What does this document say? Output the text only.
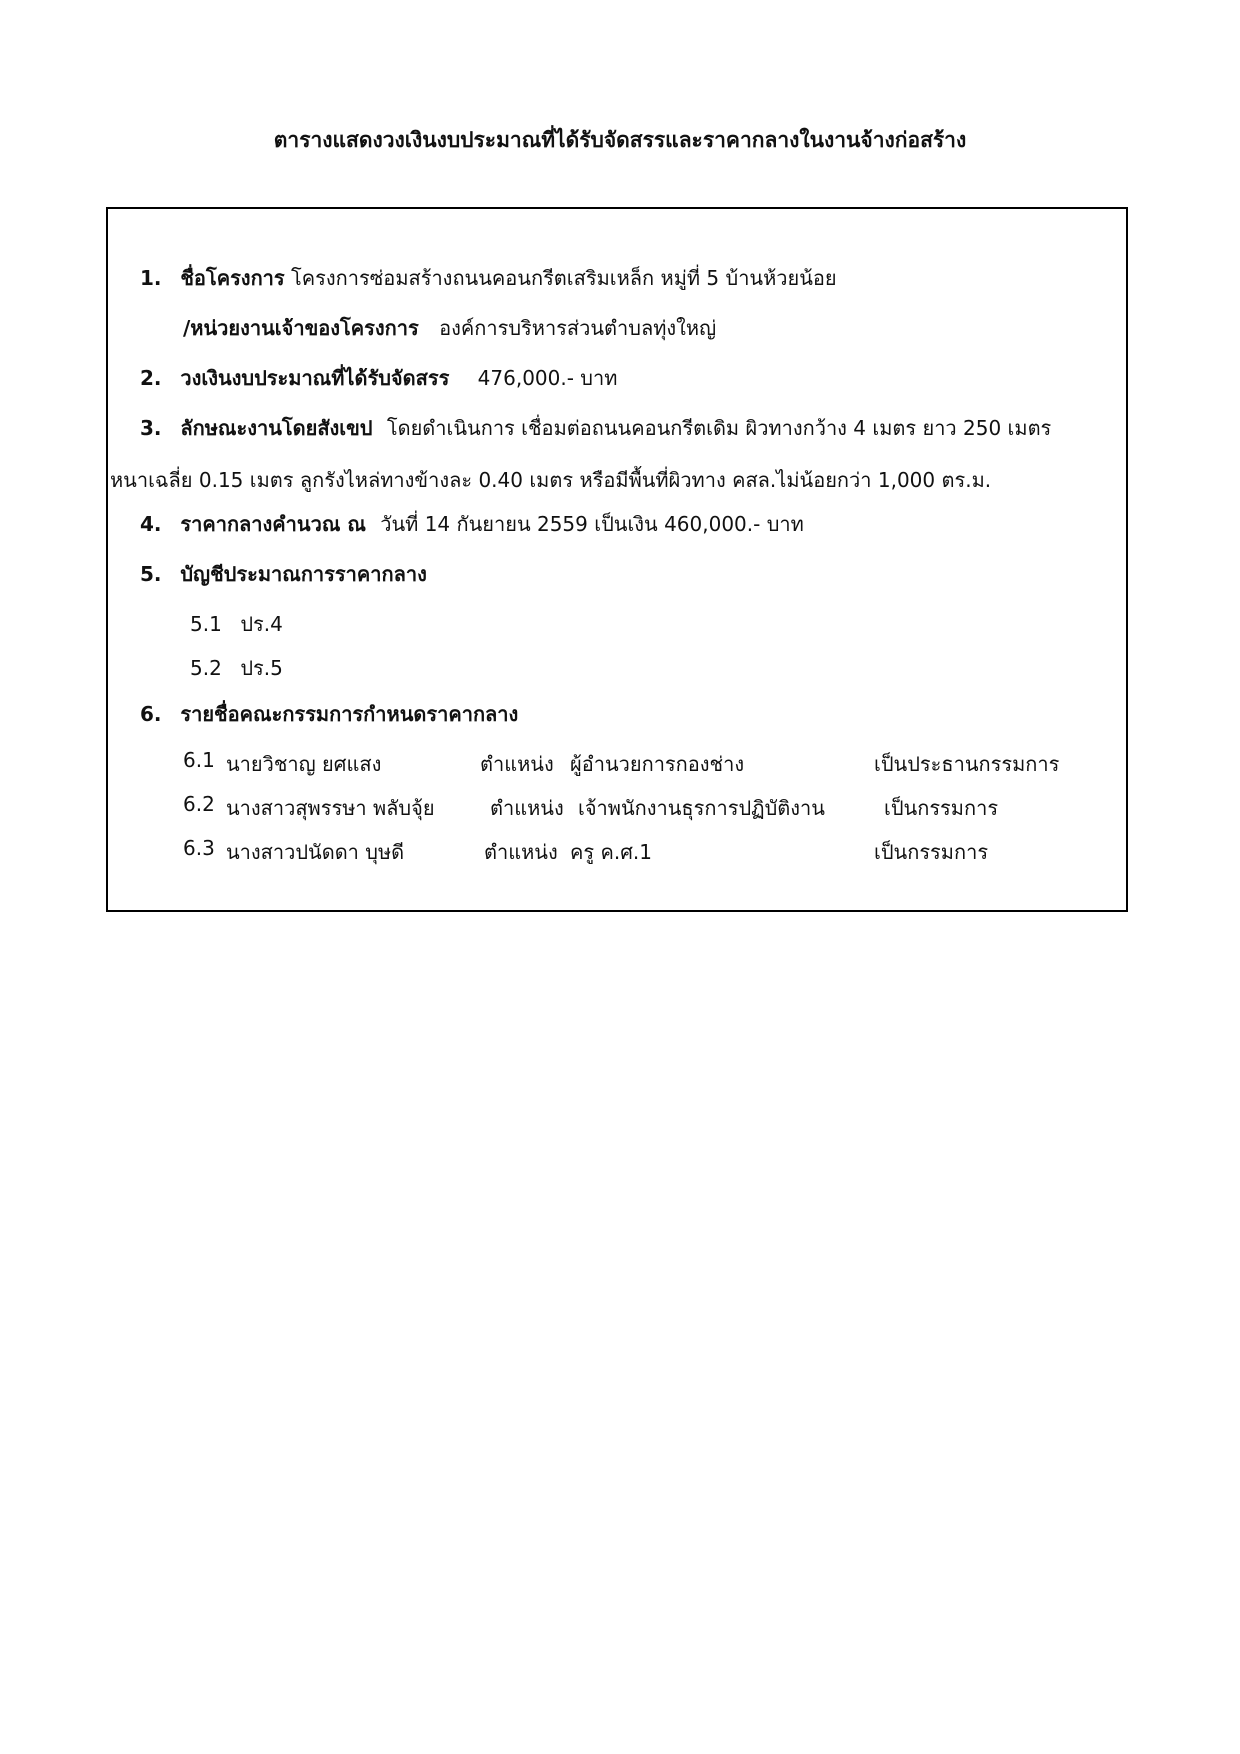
ตารางแสดงวงเงินงบประมาณที่ได้รับจัดสรรและราคากลางในงานจ้างก่อสร้าง
1. ชื่อโครงการ โครงการซ่อมสร้างถนนคอนกรีตเสริมเหล็ก หมู่ที่ 5 บ้านห้วยน้อย
/หน่วยงานเจ้าของโครงการ องค์การบริหารส่วนตำบลทุ่งใหญ่
2. วงเงินงบประมาณที่ได้รับจัดสรร 476,000.- บาท
3. ลักษณะงานโดยสังเขป โดยดำเนินการ เชื่อมต่อถนนคอนกรีตเดิม ผิวทางกว้าง 4 เมตร ยาว 250 เมตร
หนาเฉลี่ย 0.15 เมตร ลูกรังไหล่ทางข้างละ 0.40 เมตร หรือมีพื้นที่ผิวทาง คสล.ไม่น้อยกว่า 1,000 ตร.ม.
4. ราคากลางคำนวณ ณ วันที่ 14 กันยายน 2559 เป็นเงิน 460,000.- บาท
5. บัญชีประมาณการราคากลาง
5.1 ปร.4
5.2 ปร.5
6. รายชื่อคณะกรรมการกำหนดราคากลาง
6.1 นายวิชาญ ยศแสง	ตำแหน่ง ผู้อำนวยการกองช่าง	เป็นประธานกรรมการ
6.2 นางสาวสุพรรษา พลับจุ้ย	ตำแหน่ง เจ้าพนักงานธุรการปฏิบัติงาน	เป็นกรรมการ
6.3 นางสาวปนัดดา บุษดี	ตำแหน่ง ครู ค.ศ.1	เป็นกรรมการ
